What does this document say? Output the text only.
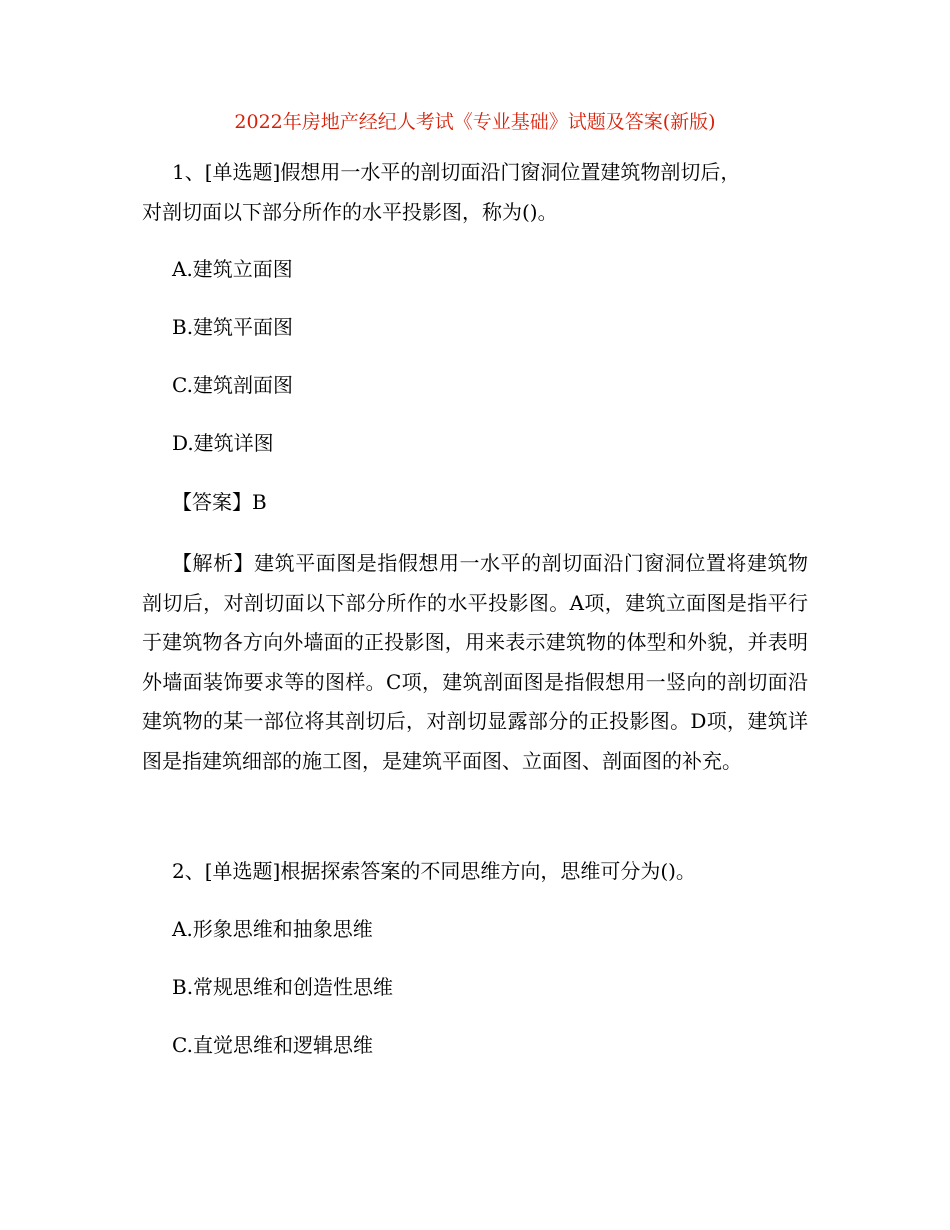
2022年房地产经纪人考试《专业基础》试题及答案(新版)
1、[单选题]假想用一水平的剖切面沿门窗洞位置建筑物剖切后，
对剖切面以下部分所作的水平投影图，称为()。
A.建筑立面图
B.建筑平面图
C.建筑剖面图
D.建筑详图
【答案】B
【解析】建筑平面图是指假想用一水平的剖切面沿门窗洞位置将建筑物剖切后，对剖切面以下部分所作的水平投影图。A项，建筑立面图是指平行于建筑物各方向外墙面的正投影图，用来表示建筑物的体型和外貌，并表明外墙面装饰要求等的图样。C项，建筑剖面图是指假想用一竖向的剖切面沿建筑物的某一部位将其剖切后，对剖切显露部分的正投影图。D项，建筑详图是指建筑细部的施工图，是建筑平面图、立面图、剖面图的补充。
2、[单选题]根据探索答案的不同思维方向，思维可分为()。
A.形象思维和抽象思维
B.常规思维和创造性思维
C.直觉思维和逻辑思维
